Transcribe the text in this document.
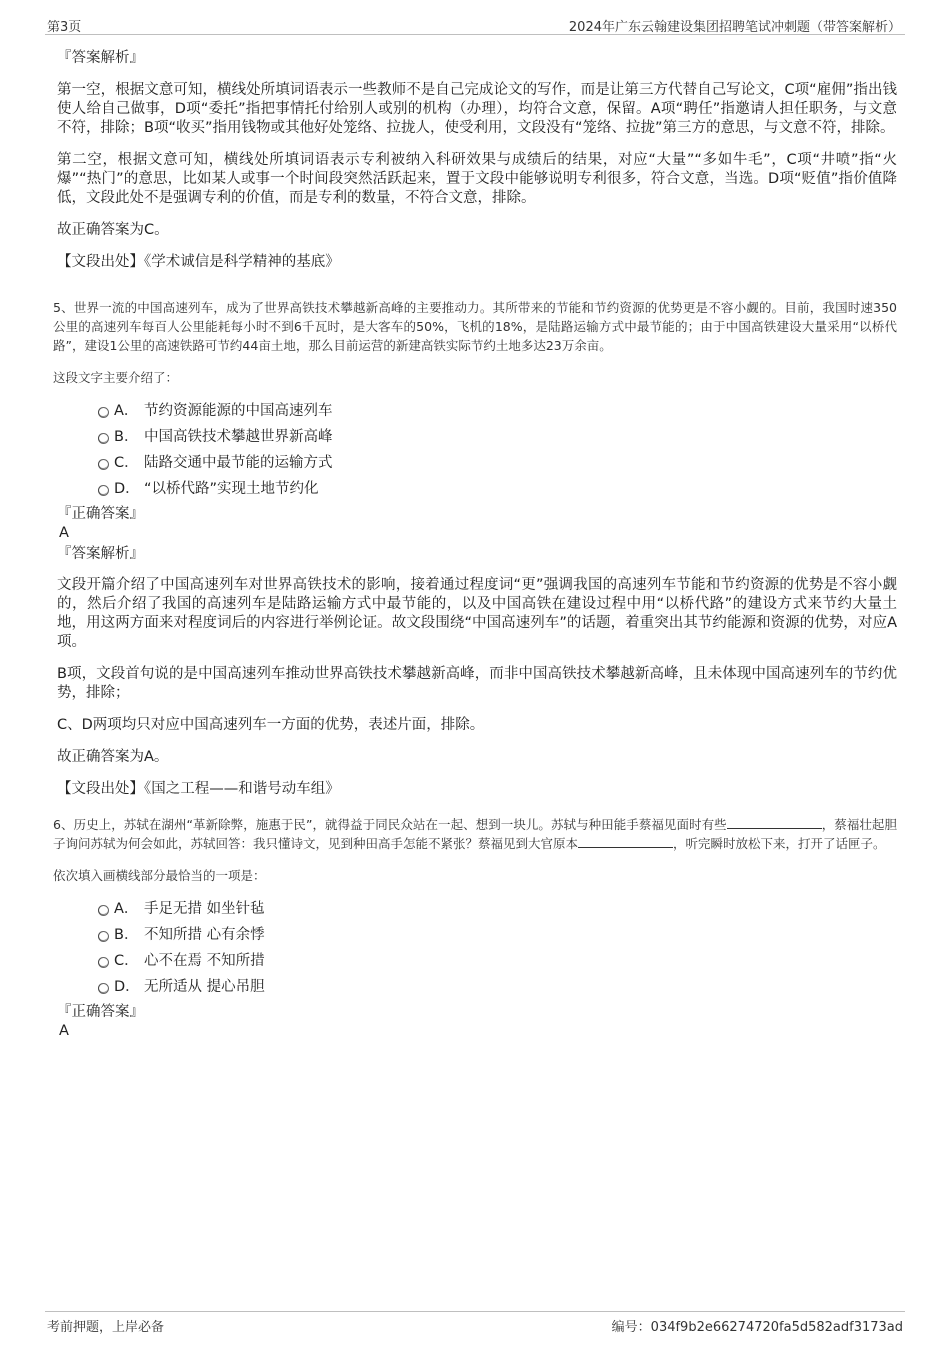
第3页	2024年广东云翰建设集团招聘笔试冲刺题（带答案解析）

『答案解析』

第一空，根据文意可知，横线处所填词语表示一些教师不是自己完成论文的写作，而是让第三方代替自己写论文，C项“雇佣”指出钱使人给自己做事，D项“委托”指把事情托付给别人或别的机构（办理），均符合文意，保留。A项“聘任”指邀请人担任职务，与文意不符，排除；B项“收买”指用钱物或其他好处笼络、拉拢人，使受利用，文段没有“笼络、拉拢”第三方的意思，与文意不符，排除。

第二空，根据文意可知，横线处所填词语表示专利被纳入科研效果与成绩后的结果，对应“大量”“多如牛毛”，C项“井喷”指“火爆”“热门”的意思，比如某人或事一个时间段突然活跃起来，置于文段中能够说明专利很多，符合文意，当选。D项“贬值”指价值降低，文段此处不是强调专利的价值，而是专利的数量，不符合文意，排除。

故正确答案为C。

【文段出处】《学术诚信是科学精神的基底》

5、世界一流的中国高速列车，成为了世界高铁技术攀越新高峰的主要推动力。其所带来的节能和节约资源的优势更是不容小觑的。目前，我国时速350公里的高速列车每百人公里能耗每小时不到6千瓦时，是大客车的50%，飞机的18%，是陆路运输方式中最节能的；由于中国高铁建设大量采用“以桥代路”，建设1公里的高速铁路可节约44亩土地，那么目前运营的新建高铁实际节约土地多达23万余亩。

这段文字主要介绍了：

A． 节约资源能源的中国高速列车
B． 中国高铁技术攀越世界新高峰
C． 陆路交通中最节能的运输方式
D． “以桥代路”实现土地节约化

『正确答案』

A

『答案解析』

文段开篇介绍了中国高速列车对世界高铁技术的影响，接着通过程度词“更”强调我国的高速列车节能和节约资源的优势是不容小觑的，然后介绍了我国的高速列车是陆路运输方式中最节能的，以及中国高铁在建设过程中用“以桥代路”的建设方式来节约大量土地，用这两方面来对程度词后的内容进行举例论证。故文段围绕“中国高速列车”的话题，着重突出其节约能源和资源的优势，对应A项。

B项，文段首句说的是中国高速列车推动世界高铁技术攀越新高峰，而非中国高铁技术攀越新高峰，且未体现中国高速列车的节约优势，排除；

C、D两项均只对应中国高速列车一方面的优势，表述片面，排除。

故正确答案为A。

【文段出处】《国之工程——和谐号动车组》

6、历史上，苏轼在湖州“革新除弊，施惠于民”，就得益于同民众站在一起、想到一块儿。苏轼与种田能手蔡福见面时有些	，蔡福壮起胆子询问苏轼为何会如此，苏轼回答：我只懂诗文，见到种田高手怎能不紧张？蔡福见到大官原本	，听完瞬时放松下来，打开了话匣子。

依次填入画横线部分最恰当的一项是：

A． 手足无措 如坐针毡
B． 不知所措 心有余悸
C． 心不在焉 不知所措
D． 无所适从 提心吊胆

『正确答案』

A

考前押题，上岸必备	编号：034f9b2e66274720fa5d582adf3173ad
